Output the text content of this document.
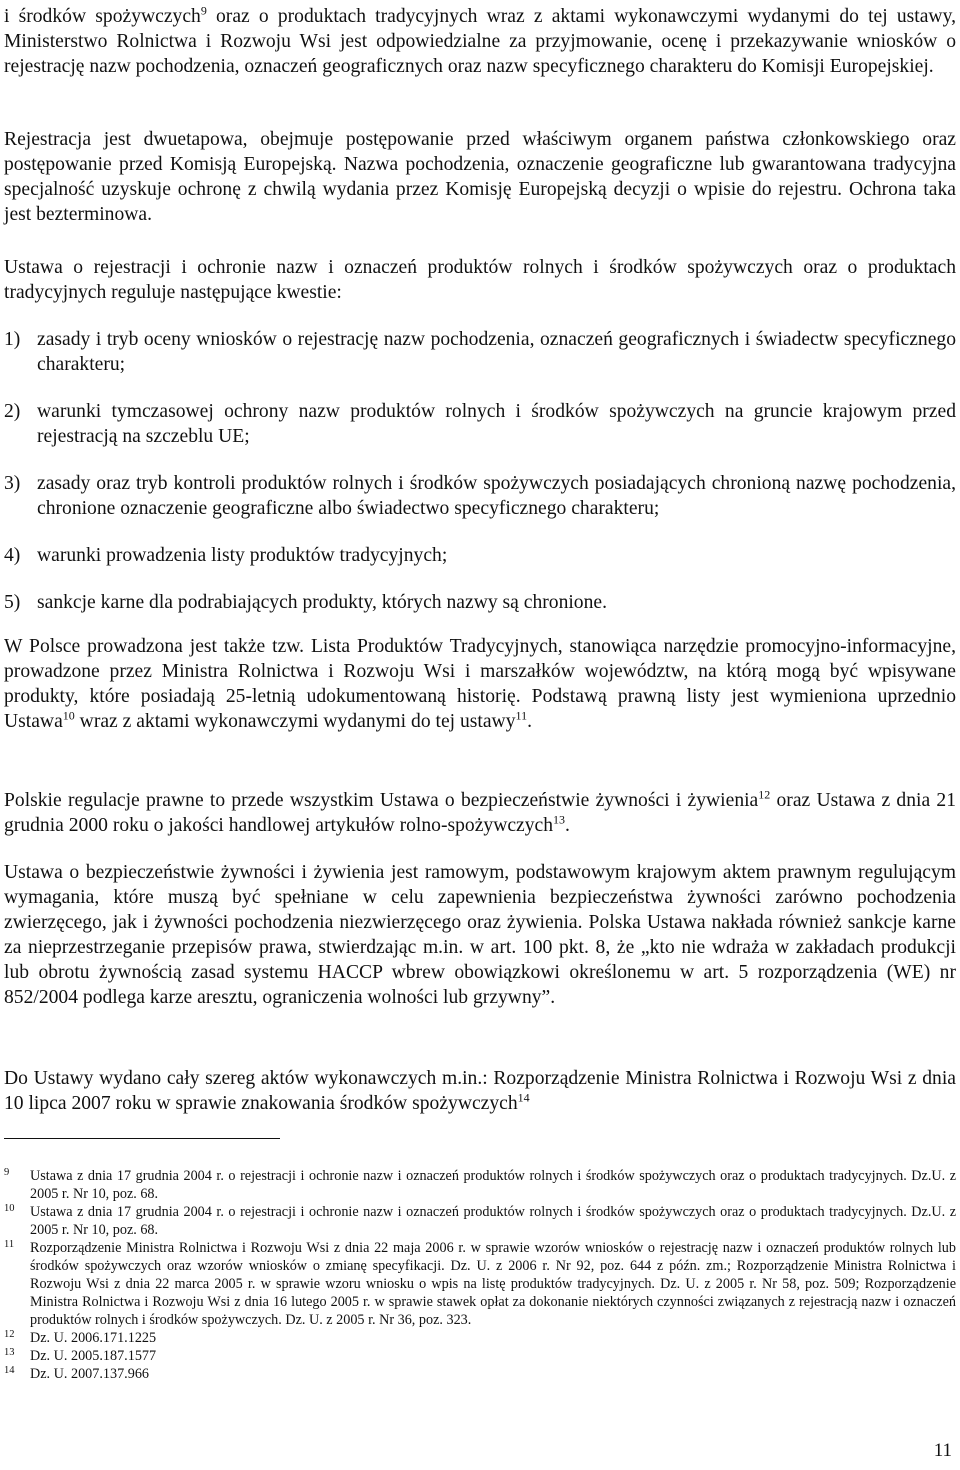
i środków spożywczych$^9$ oraz o produktach tradycyjnych wraz z aktami wykonawczymi wydanymi do tej ustawy, Ministerstwo Rolnictwa i Rozwoju Wsi jest odpowiedzialne za przyjmowanie, ocenę i przekazywanie wniosków o rejestrację nazw pochodzenia, oznaczeń geograficznych oraz nazw specyficznego charakteru do Komisji Europejskiej.

Rejestracja jest dwuetapowa, obejmuje postępowanie przed właściwym organem państwa członkowskiego oraz postępowanie przed Komisją Europejską. Nazwa pochodzenia, oznaczenie geograficzne lub gwarantowana tradycyjna specjalność uzyskuje ochronę z chwilą wydania przez Komisję Europejską decyzji o wpisie do rejestru. Ochrona taka jest bezterminowa.

Ustawa o rejestracji i ochronie nazw i oznaczeń produktów rolnych i środków spożywczych oraz o produktach tradycyjnych reguluje następujące kwestie:

1) zasady i tryb oceny wniosków o rejestrację nazw pochodzenia, oznaczeń geograficznych i świadectw specyficznego charakteru;
2) warunki tymczasowej ochrony nazw produktów rolnych i środków spożywczych na gruncie krajowym przed rejestracją na szczeblu UE;
3) zasady oraz tryb kontroli produktów rolnych i środków spożywczych posiadających chronioną nazwę pochodzenia, chronione oznaczenie geograficzne albo świadectwo specyficznego charakteru;
4) warunki prowadzenia listy produktów tradycyjnych;
5) sankcje karne dla podrabiających produkty, których nazwy są chronione.

W Polsce prowadzona jest także tzw. Lista Produktów Tradycyjnych, stanowiąca narzędzie promocyjno-informacyjne, prowadzone przez Ministra Rolnictwa i Rozwoju Wsi i marszałków województw, na którą mogą być wpisywane produkty, które posiadają 25-letnią udokumentowaną historię. Podstawą prawną listy jest wymieniona uprzednio Ustawa$^{10}$ wraz z aktami wykonawczymi wydanymi do tej ustawy$^{11}$.

Polskie regulacje prawne to przede wszystkim Ustawa o bezpieczeństwie żywności i żywienia$^{12}$ oraz Ustawa z dnia 21 grudnia 2000 roku o jakości handlowej artykułów rolno-spożywczych$^{13}$.

Ustawa o bezpieczeństwie żywności i żywienia jest ramowym, podstawowym krajowym aktem prawnym regulującym wymagania, które muszą być spełniane w celu zapewnienia bezpieczeństwa żywności zarówno pochodzenia zwierzęcego, jak i żywności pochodzenia niezwierzęcego oraz żywienia. Polska Ustawa nakłada również sankcje karne za nieprzestrzeganie przepisów prawa, stwierdzając m.in. w art. 100 pkt. 8, że „kto nie wdraża w zakładach produkcji lub obrotu żywnością zasad systemu HACCP wbrew obowiązkowi określonemu w art. 5 rozporządzenia (WE) nr 852/2004 podlega karze aresztu, ograniczenia wolności lub grzywny”.

Do Ustawy wydano cały szereg aktów wykonawczych m.in.: Rozporządzenie Ministra Rolnictwa i Rozwoju Wsi z dnia 10 lipca 2007 roku w sprawie znakowania środków spożywczych$^{14}$

9	Ustawa z dnia 17 grudnia 2004 r. o rejestracji i ochronie nazw i oznaczeń produktów rolnych i środków spożywczych oraz o produktach tradycyjnych. Dz.U. z 2005 r. Nr 10, poz. 68.
10	Ustawa z dnia 17 grudnia 2004 r. o rejestracji i ochronie nazw i oznaczeń produktów rolnych i środków spożywczych oraz o produktach tradycyjnych. Dz.U. z 2005 r. Nr 10, poz. 68.
11	Rozporządzenie Ministra Rolnictwa i Rozwoju Wsi z dnia 22 maja 2006 r. w sprawie wzorów wniosków o rejestrację nazw i oznaczeń produktów rolnych lub środków spożywczych oraz wzorów wniosków o zmianę specyfikacji. Dz. U. z 2006 r. Nr 92, poz. 644 z późn. zm.; Rozporządzenie Ministra Rolnictwa i Rozwoju Wsi z dnia 22 marca 2005 r. w sprawie wzoru wniosku o wpis na listę produktów tradycyjnych. Dz. U. z 2005 r. Nr 58, poz. 509; Rozporządzenie Ministra Rolnictwa i Rozwoju Wsi z dnia 16 lutego 2005 r. w sprawie stawek opłat za dokonanie niektórych czynności związanych z rejestracją nazw i oznaczeń produktów rolnych i środków spożywczych. Dz. U. z 2005 r. Nr 36, poz. 323.
12	Dz. U. 2006.171.1225
13	Dz. U. 2005.187.1577
14	Dz. U. 2007.137.966
11
